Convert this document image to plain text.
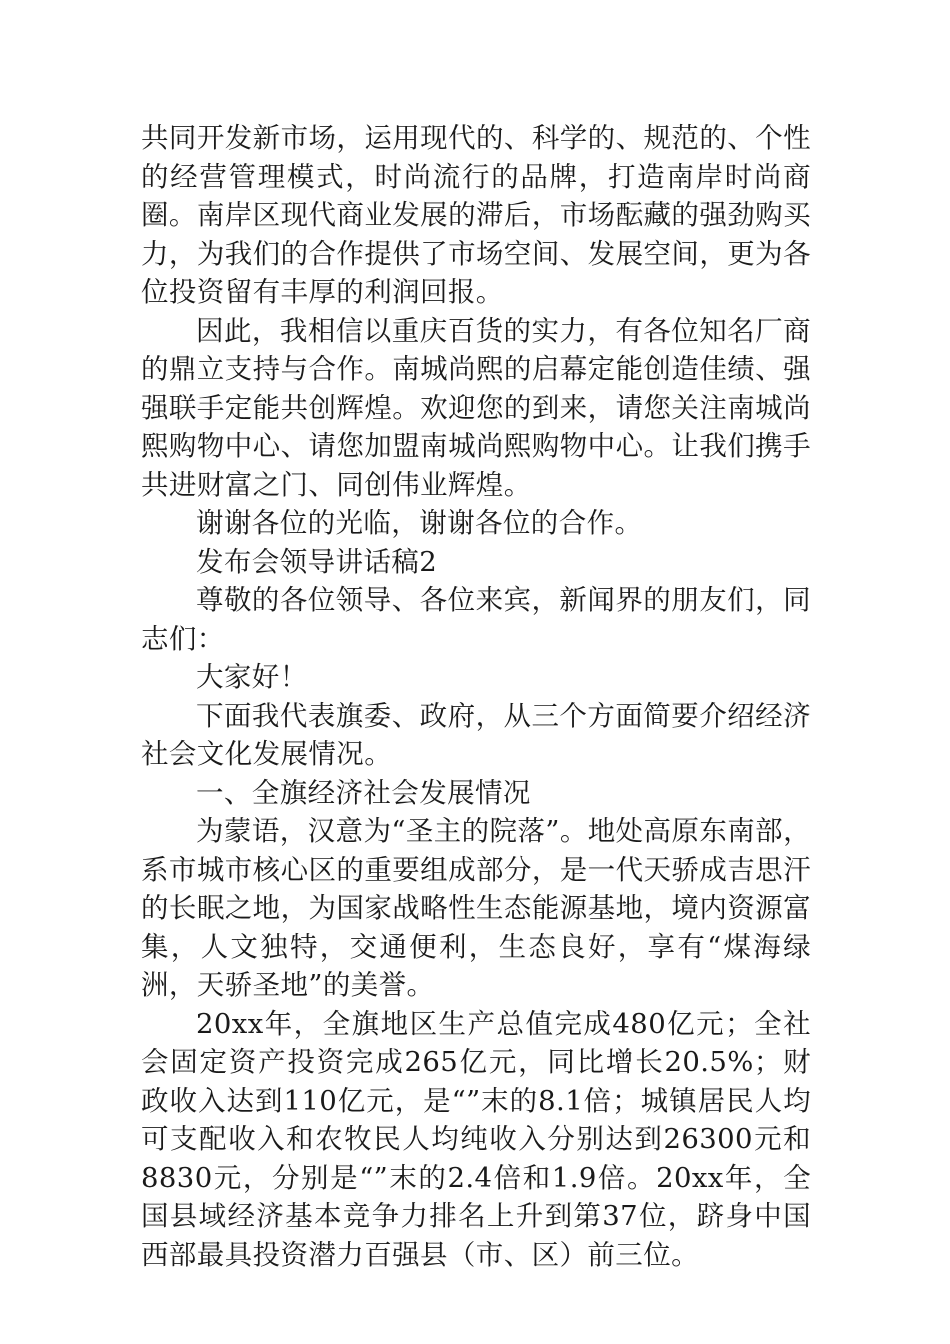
共同开发新市场，运用现代的、科学的、规范的、个性的经营管理模式，时尚流行的品牌，打造南岸时尚商圈。南岸区现代商业发展的滞后，市场酝藏的强劲购买力，为我们的合作提供了市场空间、发展空间，更为各位投资留有丰厚的利润回报。

因此，我相信以重庆百货的实力，有各位知名厂商的鼎立支持与合作。南城尚熙的启幕定能创造佳绩、强强联手定能共创辉煌。欢迎您的到来，请您关注南城尚熙购物中心、请您加盟南城尚熙购物中心。让我们携手共进财富之门、同创伟业辉煌。

谢谢各位的光临，谢谢各位的合作。

发布会领导讲话稿2

尊敬的各位领导、各位来宾，新闻界的朋友们，同志们：

大家好！

下面我代表旗委、政府，从三个方面简要介绍经济社会文化发展情况。

一、全旗经济社会发展情况

为蒙语，汉意为“圣主的院落”。地处高原东南部，系市城市核心区的重要组成部分，是一代天骄成吉思汗的长眠之地，为国家战略性生态能源基地，境内资源富集，人文独特，交通便利，生态良好，享有“煤海绿洲，天骄圣地”的美誉。

20xx年，全旗地区生产总值完成480亿元；全社会固定资产投资完成265亿元，同比增长20.5%；财政收入达到110亿元，是“”末的8.1倍；城镇居民人均可支配收入和农牧民人均纯收入分别达到26300元和8830元，分别是“”末的2.4倍和1.9倍。20xx年，全国县域经济基本竞争力排名上升到第37位，跻身中国西部最具投资潜力百强县（市、区）前三位。
